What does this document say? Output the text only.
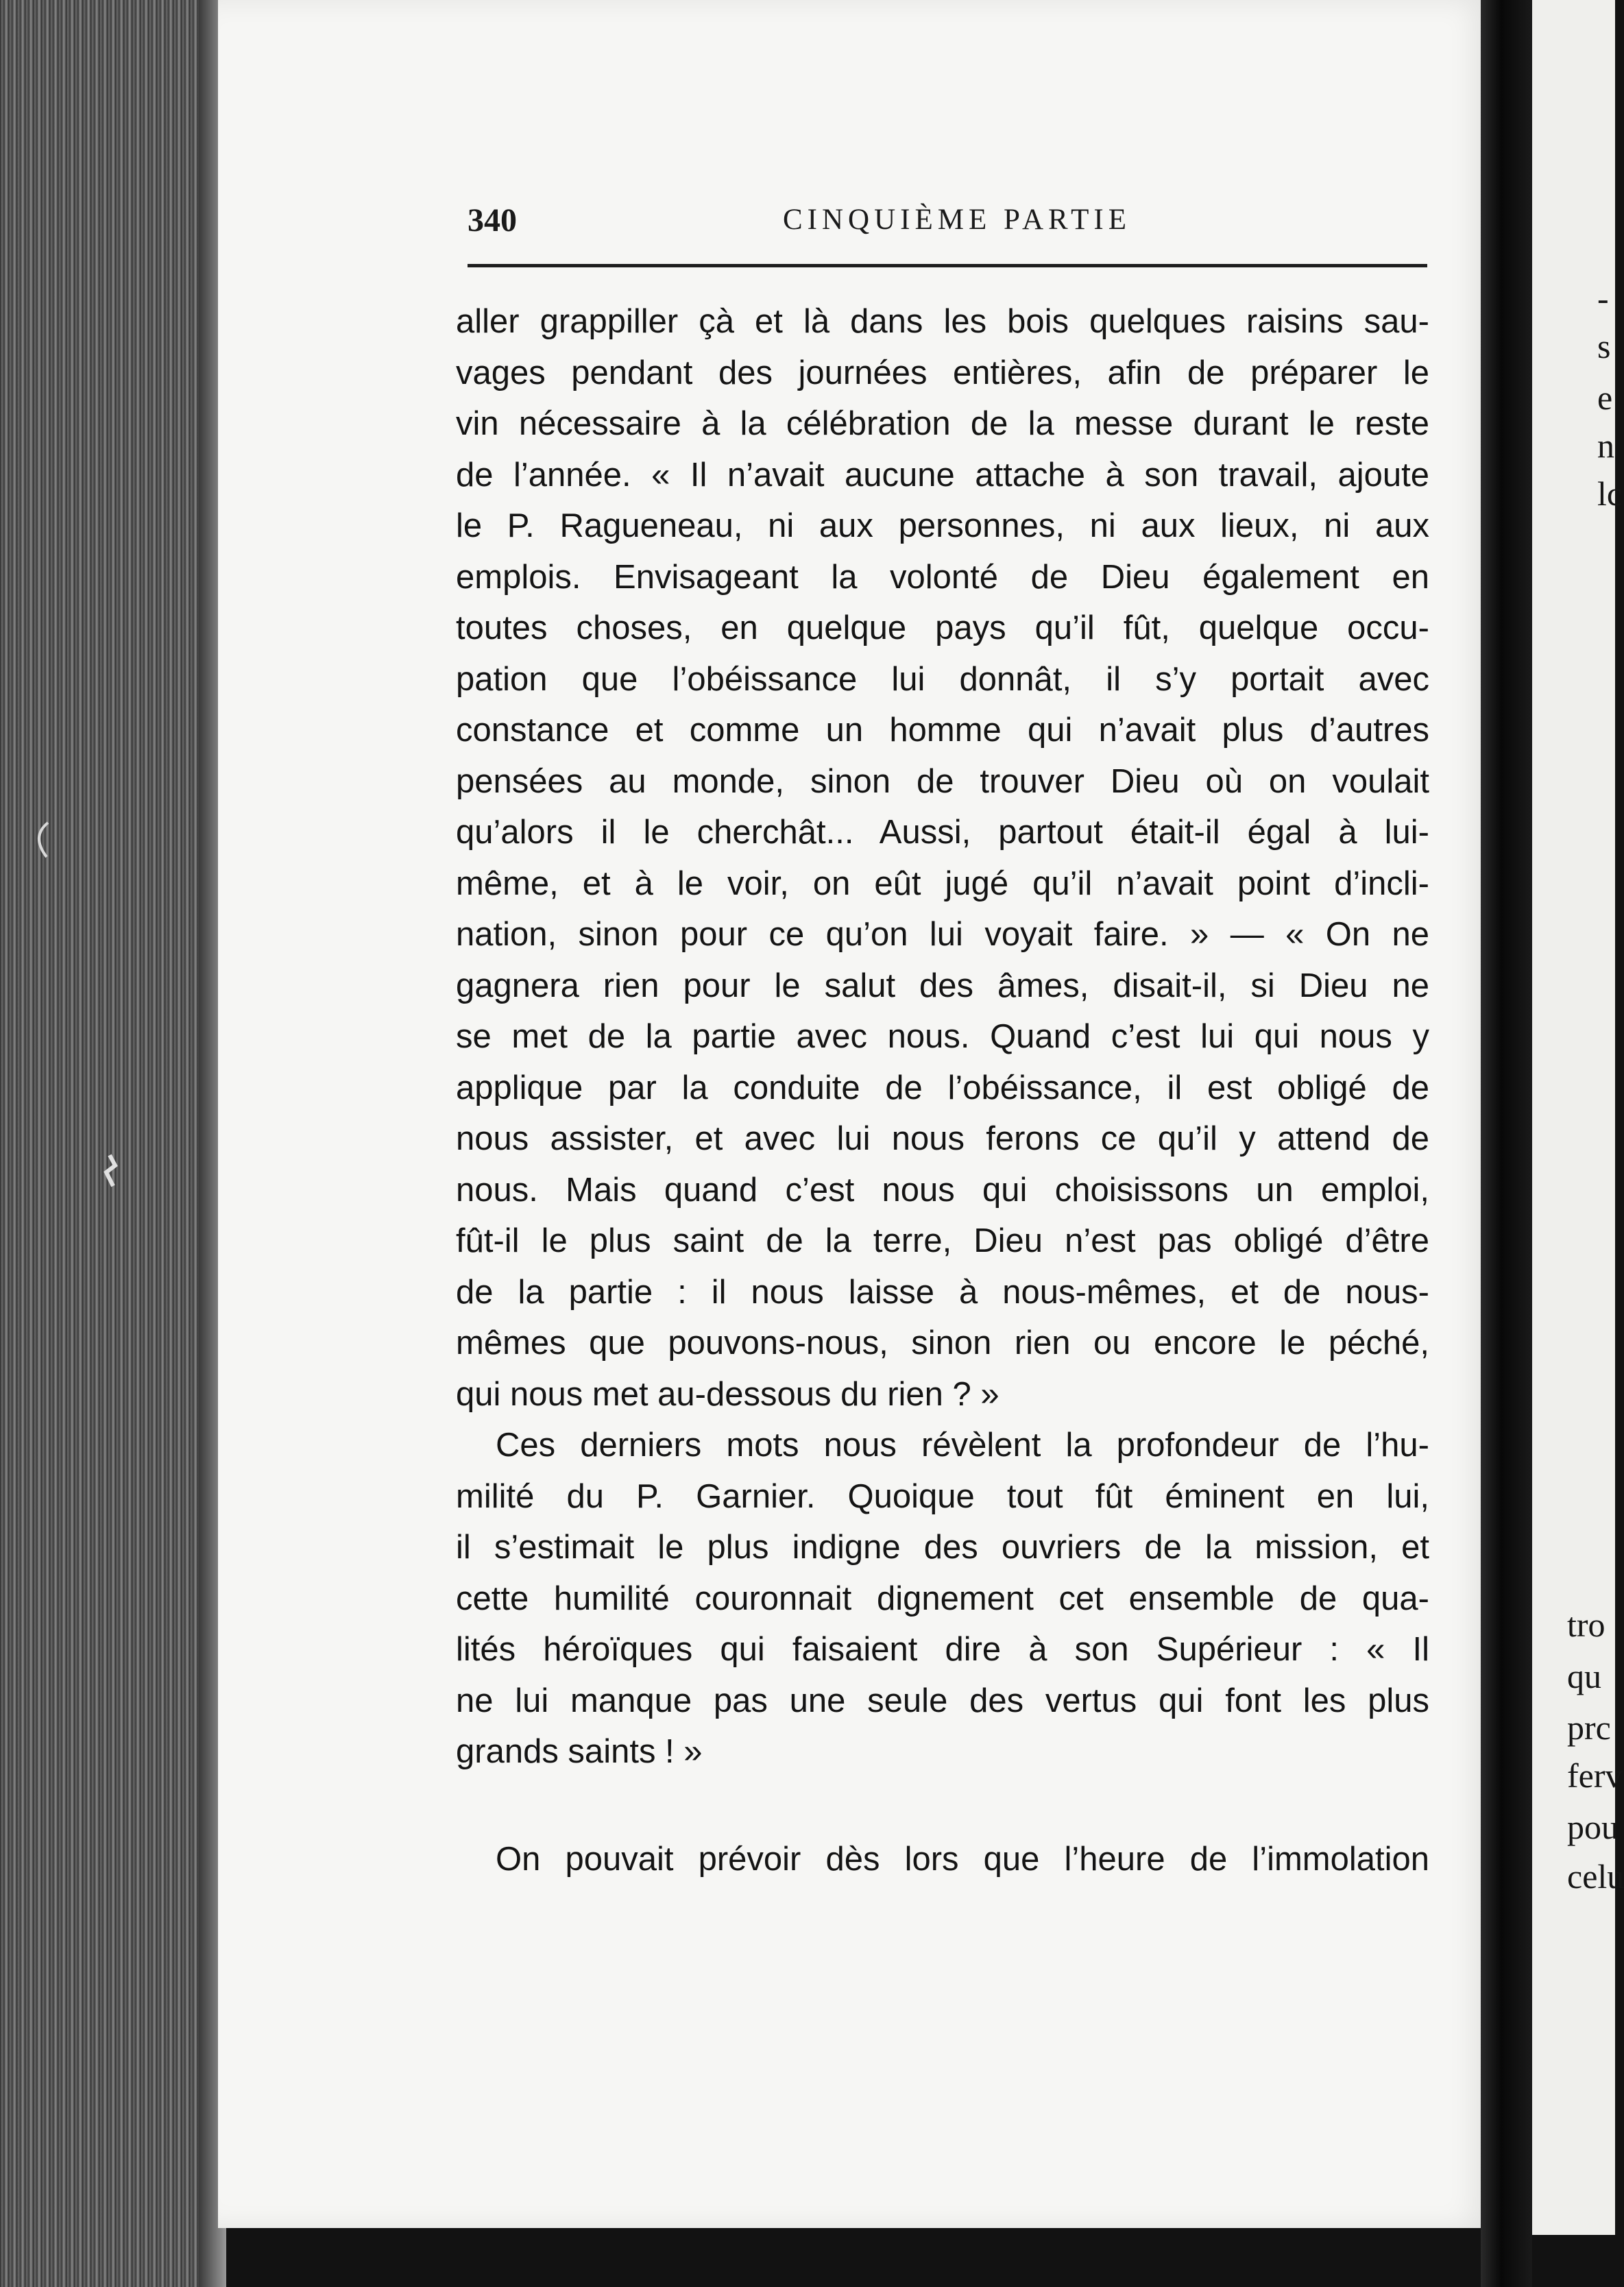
340	CINQUIÈME PARTIE
aller grappiller çà et là dans les bois quelques raisins sau-
vages pendant des journées entières, afin de préparer le
vin nécessaire à la célébration de la messe durant le reste
de l’année. « Il n’avait aucune attache à son travail, ajoute
le P. Ragueneau, ni aux personnes, ni aux lieux, ni aux
emplois. Envisageant la volonté de Dieu également en
toutes choses, en quelque pays qu’il fût, quelque occu-
pation que l’obéissance lui donnât, il s’y portait avec
constance et comme un homme qui n’avait plus d’autres
pensées au monde, sinon de trouver Dieu où on voulait
qu’alors il le cherchât... Aussi, partout était-il égal à lui-
même, et à le voir, on eût jugé qu’il n’avait point d’incli-
nation, sinon pour ce qu’on lui voyait faire. » — « On ne
gagnera rien pour le salut des âmes, disait-il, si Dieu ne
se met de la partie avec nous. Quand c’est lui qui nous y
applique par la conduite de l’obéissance, il est obligé de
nous assister, et avec lui nous ferons ce qu’il y attend de
nous. Mais quand c’est nous qui choisissons un emploi,
fût-il le plus saint de la terre, Dieu n’est pas obligé d’être
de la partie : il nous laisse à nous-mêmes, et de nous-
mêmes que pouvons-nous, sinon rien ou encore le péché,
qui nous met au-dessous du rien ? »
Ces derniers mots nous révèlent la profondeur de l’hu-
milité du P. Garnier. Quoique tout fût éminent en lui,
il s’estimait le plus indigne des ouvriers de la mission, et
cette humilité couronnait dignement cet ensemble de qua-
lités héroïques qui faisaient dire à son Supérieur : « Il
ne lui manque pas une seule des vertus qui font les plus
grands saints ! »
On pouvait prévoir dès lors que l’heure de l’immolation
-
s
e
n
lc
tro
qu
prc
ferv
pou
celu
